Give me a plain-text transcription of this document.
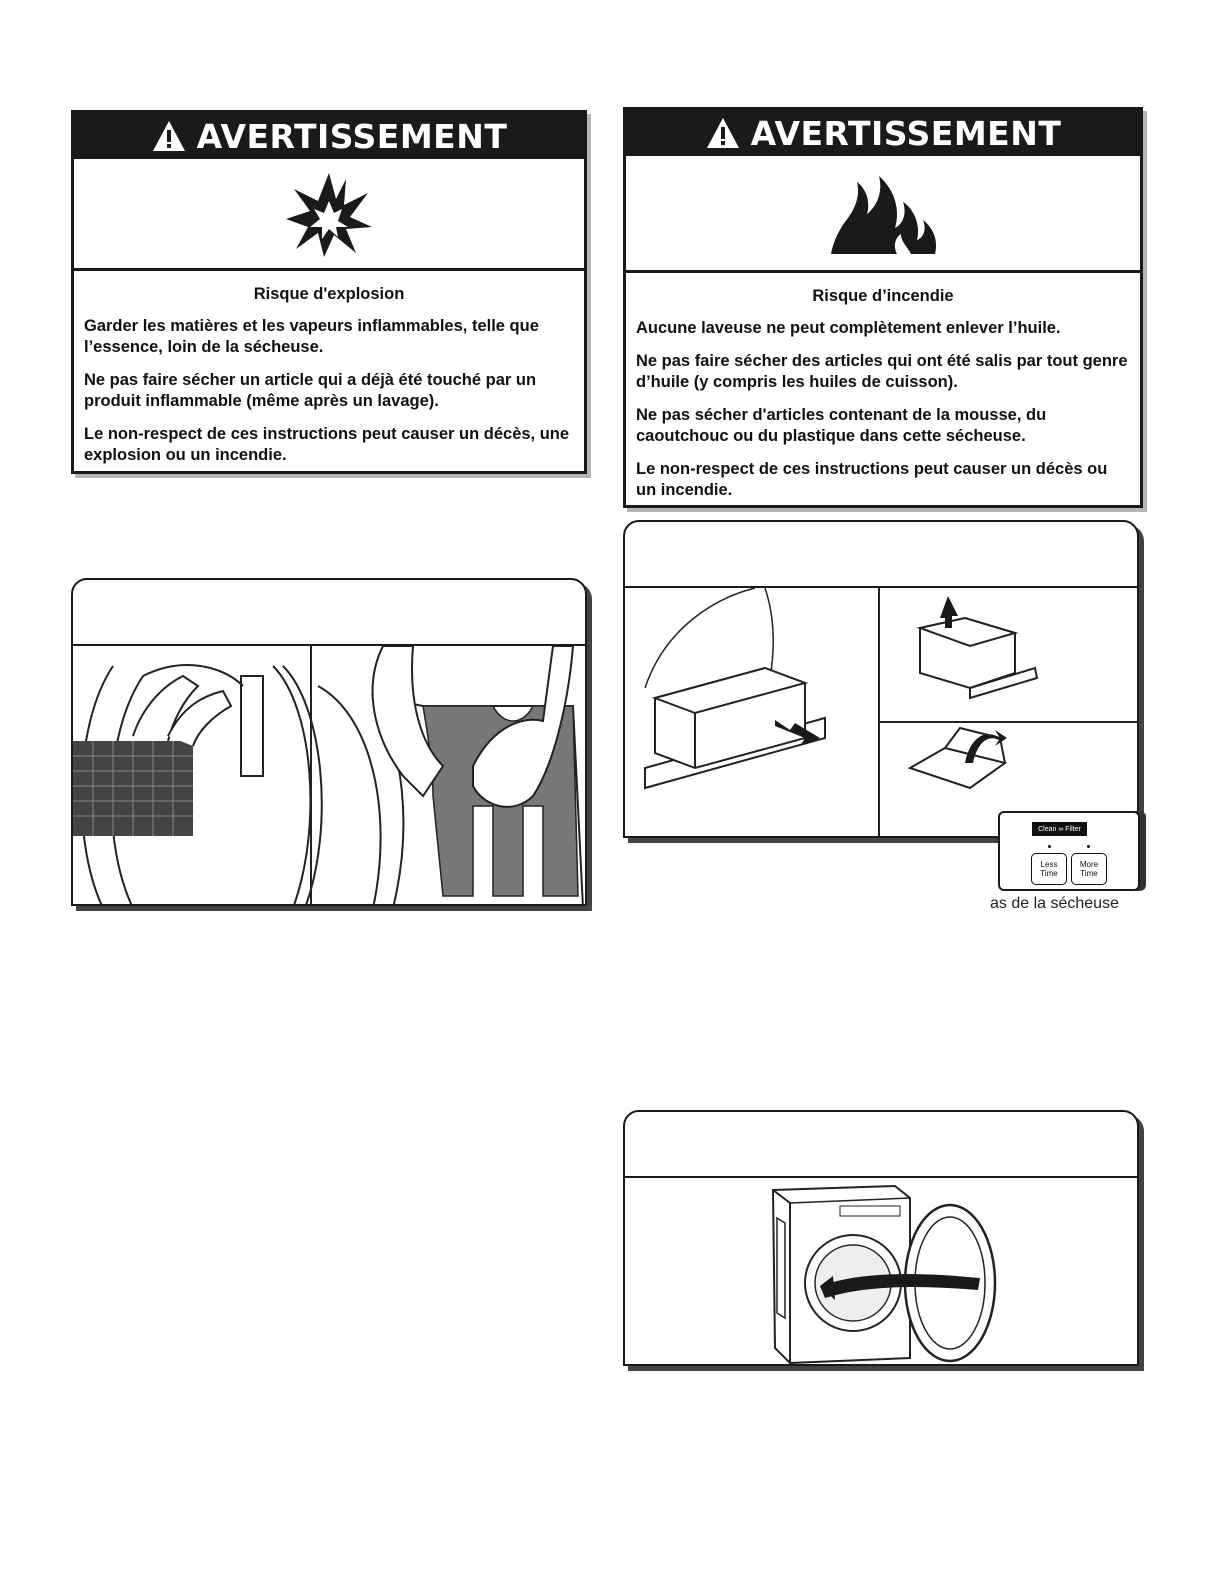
AVERTISSEMENT

Risque d'explosion

Garder les matières et les vapeurs inflammables, telle que l’essence, loin de la sécheuse.

Ne pas faire sécher un article qui a déjà été touché par un produit inflammable (même après un lavage).

Le non-respect de ces instructions peut causer un décès, une explosion ou un incendie.

AVERTISSEMENT

Risque d’incendie

Aucune laveuse ne peut complètement enlever l’huile.

Ne pas faire sécher des articles qui ont été salis par tout genre d’huile (y compris les huiles de cuisson).

Ne pas sécher d'articles contenant de la mousse, du caoutchouc ou du plastique dans cette sécheuse.

Le non-respect de ces instructions peut causer un décès ou un incendie.

Clean ∞ Filter
Less Time
More Time
as de la sécheuse
